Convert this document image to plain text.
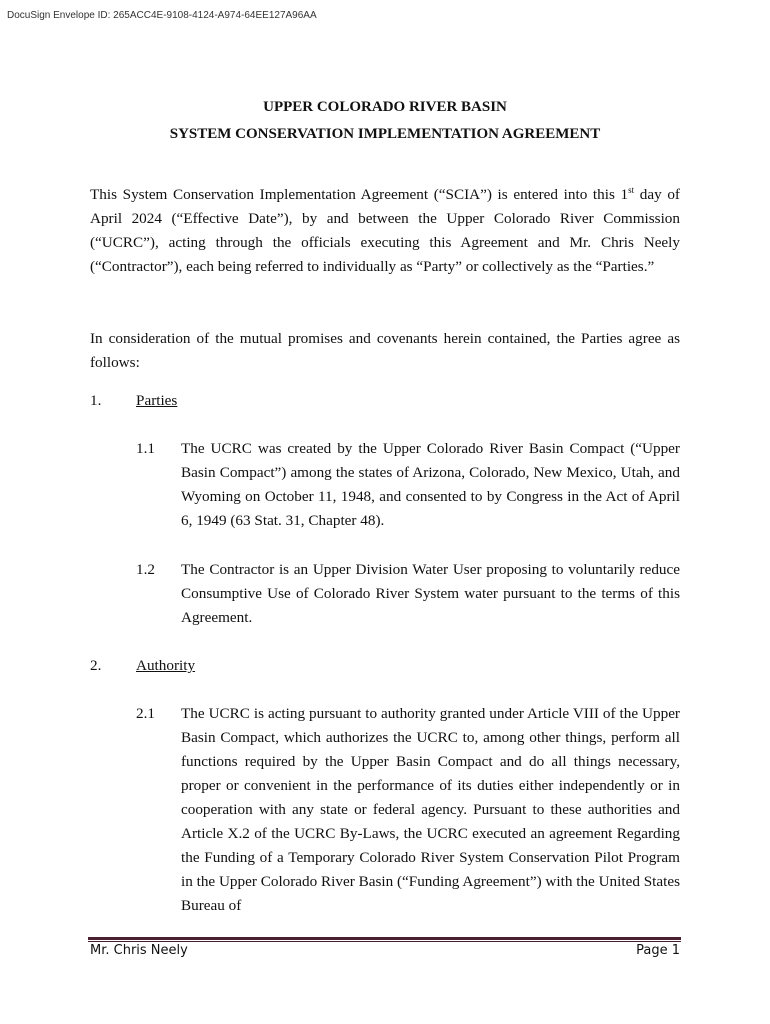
DocuSign Envelope ID: 265ACC4E-9108-4124-A974-64EE127A96AA
UPPER COLORADO RIVER BASIN
SYSTEM CONSERVATION IMPLEMENTATION AGREEMENT
This System Conservation Implementation Agreement (“SCIA”) is entered into this 1st day of April 2024 (“Effective Date”), by and between the Upper Colorado River Commission (“UCRC”), acting through the officials executing this Agreement and Mr. Chris Neely (“Contractor”), each being referred to individually as “Party” or collectively as the “Parties.”
In consideration of the mutual promises and covenants herein contained, the Parties agree as follows:
1. Parties
1.1 The UCRC was created by the Upper Colorado River Basin Compact (“Upper Basin Compact”) among the states of Arizona, Colorado, New Mexico, Utah, and Wyoming on October 11, 1948, and consented to by Congress in the Act of April 6, 1949 (63 Stat. 31, Chapter 48).
1.2 The Contractor is an Upper Division Water User proposing to voluntarily reduce Consumptive Use of Colorado River System water pursuant to the terms of this Agreement.
2. Authority
2.1 The UCRC is acting pursuant to authority granted under Article VIII of the Upper Basin Compact, which authorizes the UCRC to, among other things, perform all functions required by the Upper Basin Compact and do all things necessary, proper or convenient in the performance of its duties either independently or in cooperation with any state or federal agency. Pursuant to these authorities and Article X.2 of the UCRC By-Laws, the UCRC executed an agreement Regarding the Funding of a Temporary Colorado River System Conservation Pilot Program in the Upper Colorado River Basin (“Funding Agreement”) with the United States Bureau of
Mr. Chris Neely	Page 1
